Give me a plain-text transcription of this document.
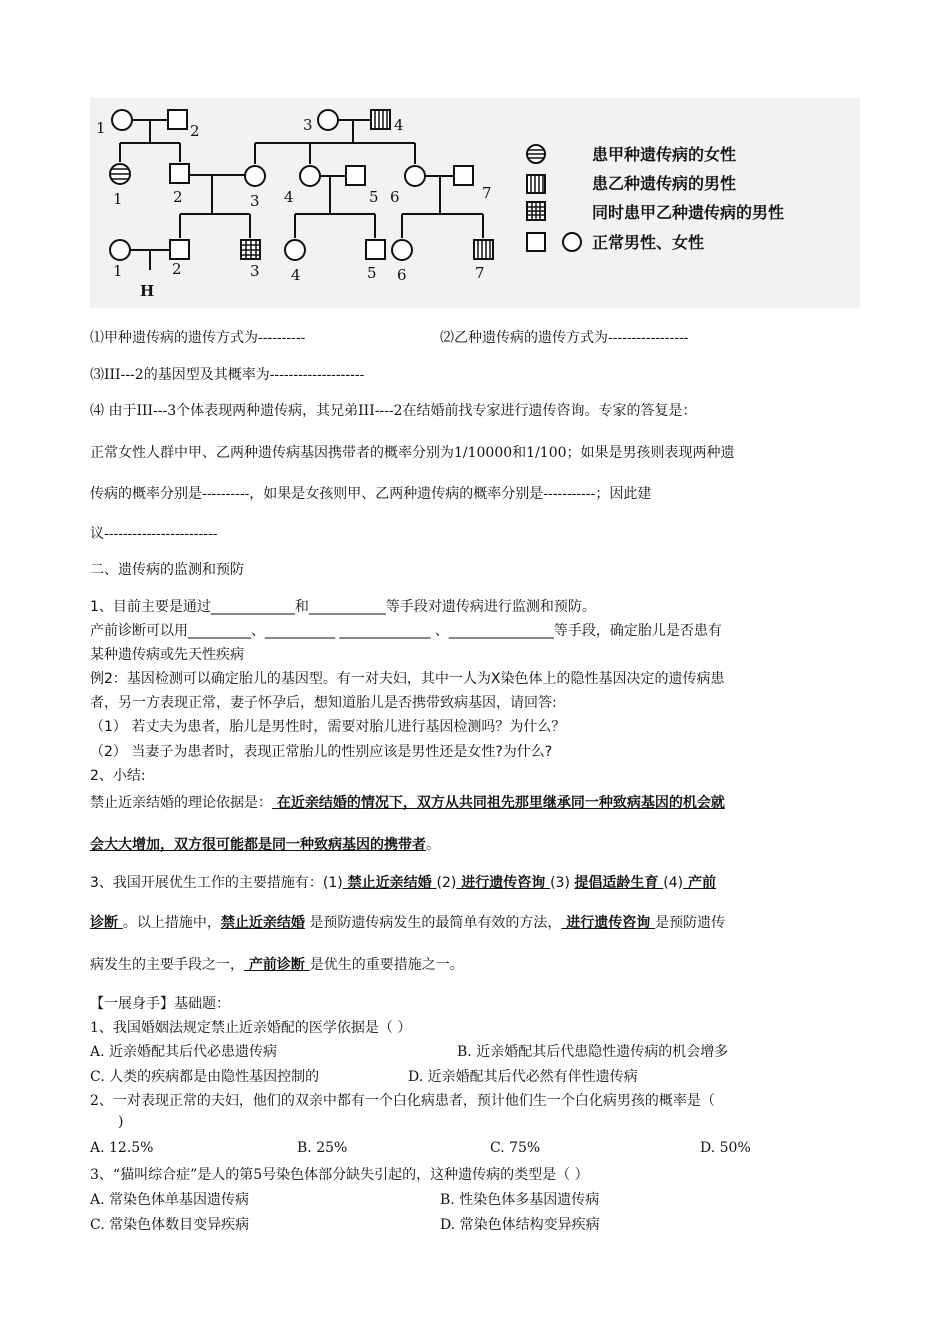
1	2	3	4
1	2	3 4	5 6	7
1	2	3 4	5 6	7
H
患甲种遗传病的女性
患乙种遗传病的男性
同时患甲乙种遗传病的男性
正常男性、女性
⑴甲种遗传病的遗传方式为----------	⑵乙种遗传病的遗传方式为-----------------
⑶III---2的基因型及其概率为--------------------
⑷ 由于III---3个体表现两种遗传病，其兄弟III----2在结婚前找专家进行遗传咨询。专家的答复是：
正常女性人群中甲、乙两种遗传病基因携带者的概率分别为1/10000和1/100；如果是男孩则表现两种遗
传病的概率分别是----------，如果是女孩则甲、乙两种遗传病的概率分别是-----------；因此建
议------------------------
二、遗传病的监测和预防
1、目前主要是通过____________和___________等手段对遗传病进行监测和预防。
产前诊断可以用_________、__________ _____________ 、_______________等手段，确定胎儿是否患有
某种遗传病或先天性疾病
例2：基因检测可以确定胎儿的基因型。有一对夫妇，其中一人为X染色体上的隐性基因决定的遗传病患
者，另一方表现正常，妻子怀孕后，想知道胎儿是否携带致病基因，请回答:
（1） 若丈夫为患者，胎儿是男性时，需要对胎儿进行基因检测吗？为什么？
（2） 当妻子为患者时，表现正常胎儿的性别应该是男性还是女性?为什么?
2、小结:
禁止近亲结婚的理论依据是： 在近亲结婚的情况下，双方从共同祖先那里继承同一种致病基因的机会就
会大大增加，双方很可能都是同一种致病基因的携带者。
3、我国开展优生工作的主要措施有：(1) 禁止近亲结婚 (2) 进行遗传咨询 (3) 提倡适龄生育 (4) 产前
诊断 。以上措施中，禁止近亲结婚 是预防遗传病发生的最简单有效的方法， 进行遗传咨询 是预防遗传
病发生的主要手段之一， 产前诊断 是优生的重要措施之一。
【一展身手】基础题：
1、我国婚姻法规定禁止近亲婚配的医学依据是（ ）
A. 近亲婚配其后代必患遗传病	B. 近亲婚配其后代患隐性遗传病的机会增多
C. 人类的疾病都是由隐性基因控制的	D. 近亲婚配其后代必然有伴性遗传病
2、一对表现正常的夫妇，他们的双亲中都有一个白化病患者，预计他们生一个白化病男孩的概率是（
)
A. 12.5%	B. 25%	C. 75%	D. 50%
3、“猫叫综合症”是人的第5号染色体部分缺失引起的，这种遗传病的类型是（ ）
A. 常染色体单基因遗传病	B. 性染色体多基因遗传病
C. 常染色体数目变异疾病	D. 常染色体结构变异疾病
